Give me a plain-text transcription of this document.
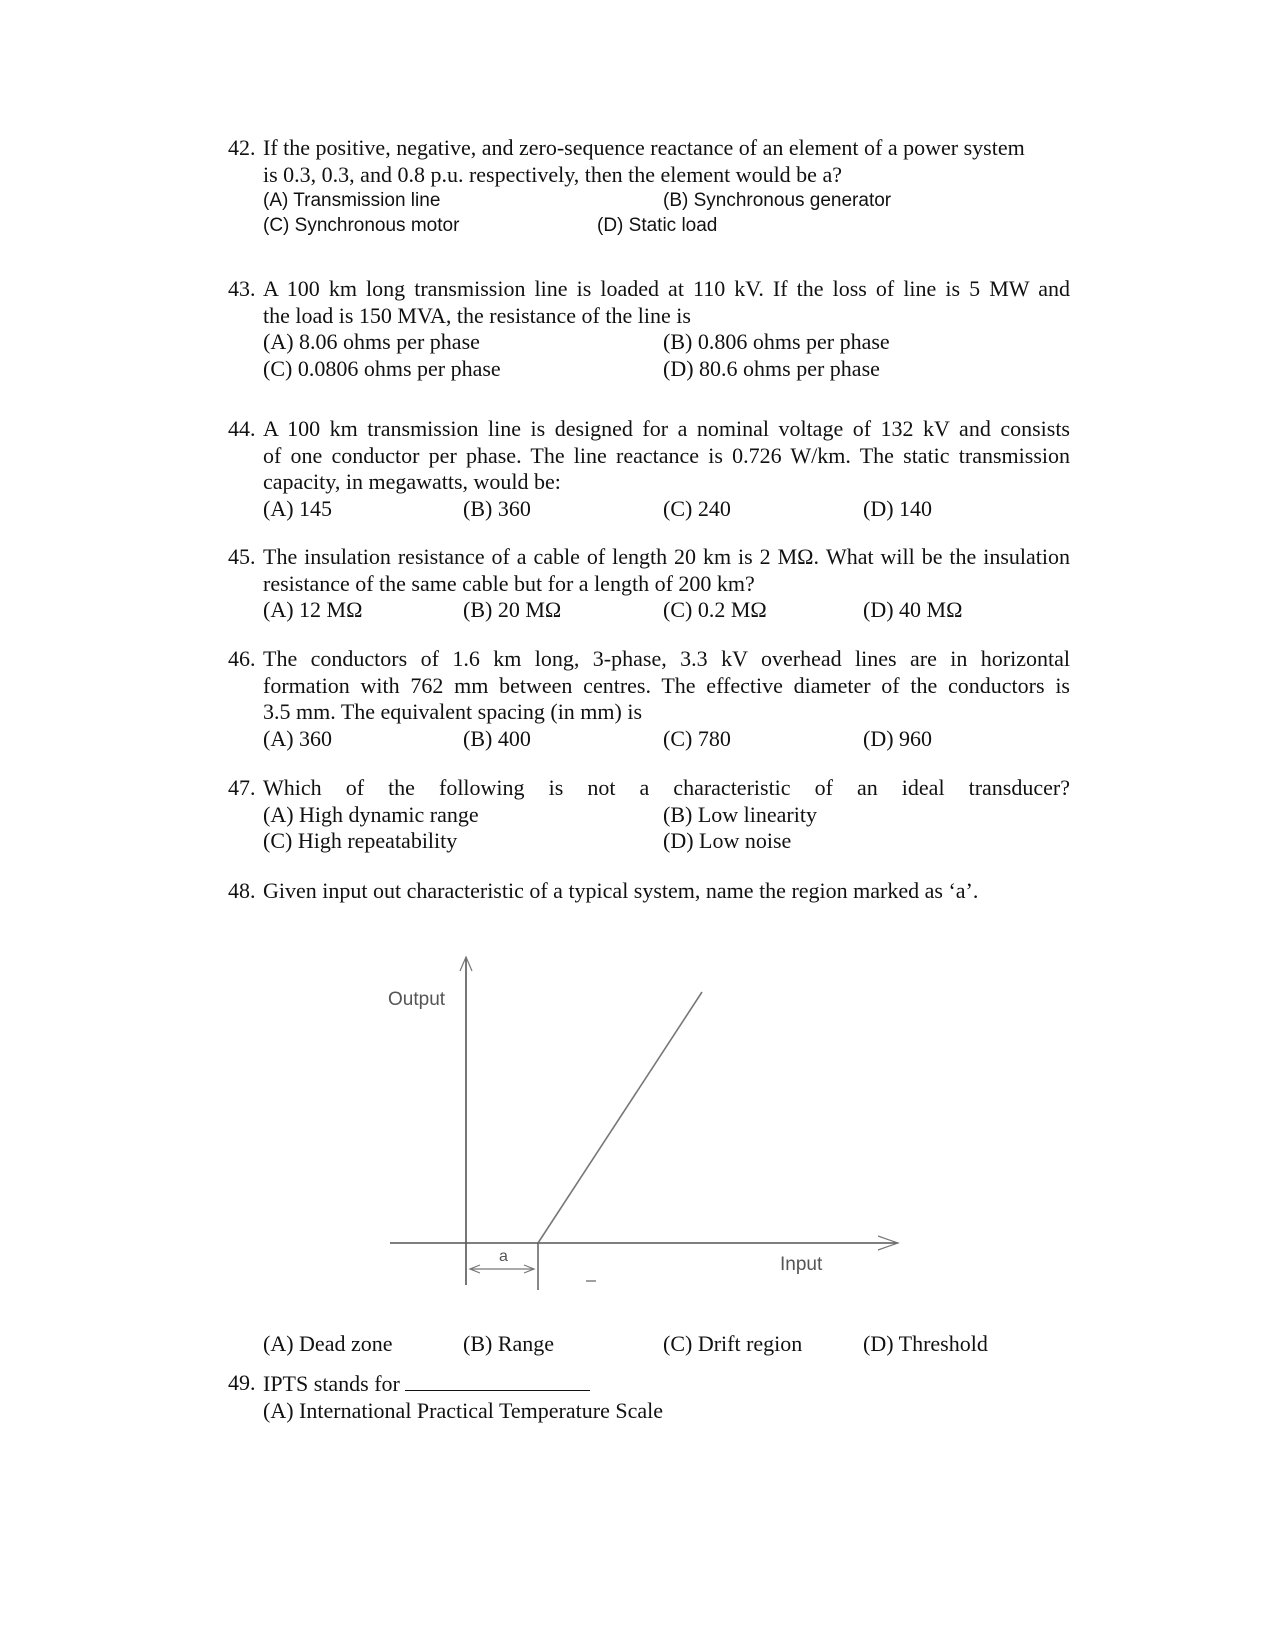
42. If the positive, negative, and zero-sequence reactance of an element of a power system
is 0.3, 0.3, and 0.8 p.u. respectively, then the element would be a?
(A) Transmission line	(B) Synchronous generator
(C) Synchronous motor	(D) Static load
43. A 100 km long transmission line is loaded at 110 kV. If the loss of line is 5 MW and
the load is 150 MVA, the resistance of the line is
(A) 8.06 ohms per phase	(B) 0.806 ohms per phase
(C) 0.0806 ohms per phase	(D) 80.6 ohms per phase
44. A 100 km transmission line is designed for a nominal voltage of 132 kV and consists
of one conductor per phase. The line reactance is 0.726 W/km. The static transmission
capacity, in megawatts, would be:
(A) 145	(B) 360	(C) 240	(D) 140
45. The insulation resistance of a cable of length 20 km is 2 MΩ. What will be the insulation
resistance of the same cable but for a length of 200 km?
(A) 12 MΩ	(B) 20 MΩ	(C) 0.2 MΩ	(D) 40 MΩ
46. The conductors of 1.6 km long, 3-phase, 3.3 kV overhead lines are in horizontal
formation with 762 mm between centres. The effective diameter of the conductors is
3.5 mm. The equivalent spacing (in mm) is
(A) 360	(B) 400	(C) 780	(D) 960
47. Which of the following is not a characteristic of an ideal transducer?
(A) High dynamic range	(B) Low linearity
(C) High repeatability	(D) Low noise
48. Given input out characteristic of a typical system, name the region marked as ‘a’.
Output
Input
a
(A) Dead zone	(B) Range	(C) Drift region	(D) Threshold
49. IPTS stands for
(A) International Practical Temperature Scale
